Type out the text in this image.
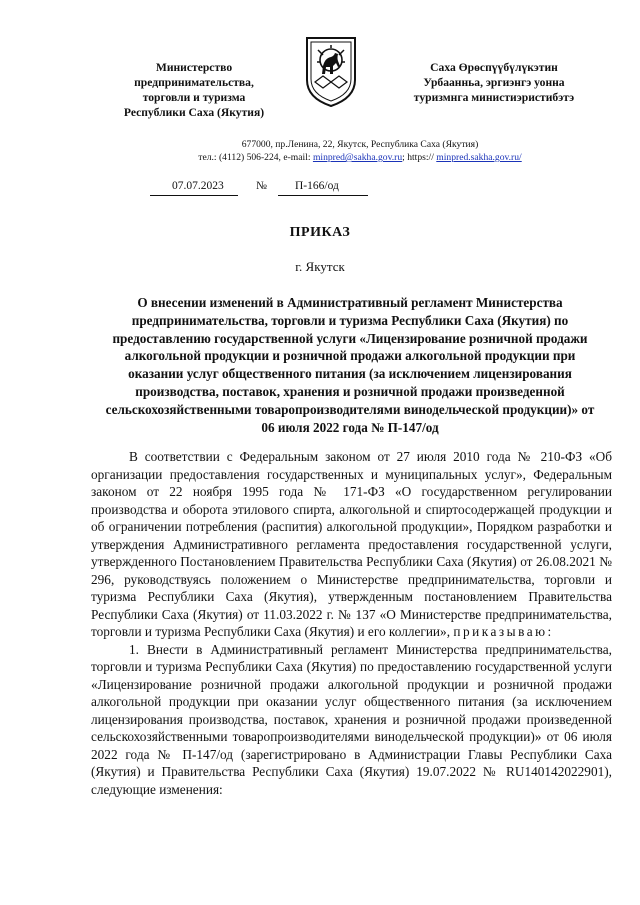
Министерство
предпринимательства,
торговли и туризма
Республики Саха (Якутия)
Саха Өрөспүүбүлүкэтин
Урбаанньа, эргиэнгэ уонна
туризмнга министиэристибэтэ
677000, пр.Ленина, 22, Якутск, Республика Саха (Якутия)
тел.: (4112) 506-224, e-mail: minpred@sakha.gov.ru; https:// minpred.sakha.gov.ru/
07.07.2023	№ П-166/од
ПРИКАЗ
г. Якутск
О внесении изменений в Административный регламент Министерства предпринимательства, торговли и туризма Республики Саха (Якутия) по предоставлению государственной услуги «Лицензирование розничной продажи алкогольной продукции и розничной продажи алкогольной продукции при оказании услуг общественного питания (за исключением лицензирования производства, поставок, хранения и розничной продажи произведенной сельскохозяйственными товаропроизводителями винодельческой продукции)» от 06 июля 2022 года № П-147/од

В соответствии с Федеральным законом от 27 июля 2010 года № 210-ФЗ «Об организации предоставления государственных и муниципальных услуг», Федеральным законом от 22 ноября 1995 года № 171-ФЗ «О государственном регулировании производства и оборота этилового спирта, алкогольной и спиртосодержащей продукции и об ограничении потребления (распития) алкогольной продукции», Порядком разработки и утверждения Административного регламента предоставления государственной услуги, утвержденного Постановлением Правительства Республики Саха (Якутия) от 26.08.2021 № 296, руководствуясь положением о Министерстве предпринимательства, торговли и туризма Республики Саха (Якутия), утвержденным постановлением Правительства Республики Саха (Якутия) от 11.03.2022 г. № 137 «О Министерстве предпринимательства, торговли и туризма Республики Саха (Якутия) и его коллегии», приказываю:

1. Внести в Административный регламент Министерства предпринимательства, торговли и туризма Республики Саха (Якутия) по предоставлению государственной услуги «Лицензирование розничной продажи алкогольной продукции и розничной продажи алкогольной продукции при оказании услуг общественного питания (за исключением лицензирования производства, поставок, хранения и розничной продажи произведенной сельскохозяйственными товаропроизводителями винодельческой продукции)» от 06 июля 2022 года № П-147/од (зарегистрировано в Администрации Главы Республики Саха (Якутия) и Правительства Республики Саха (Якутия) 19.07.2022 № RU140142022901), следующие изменения:
